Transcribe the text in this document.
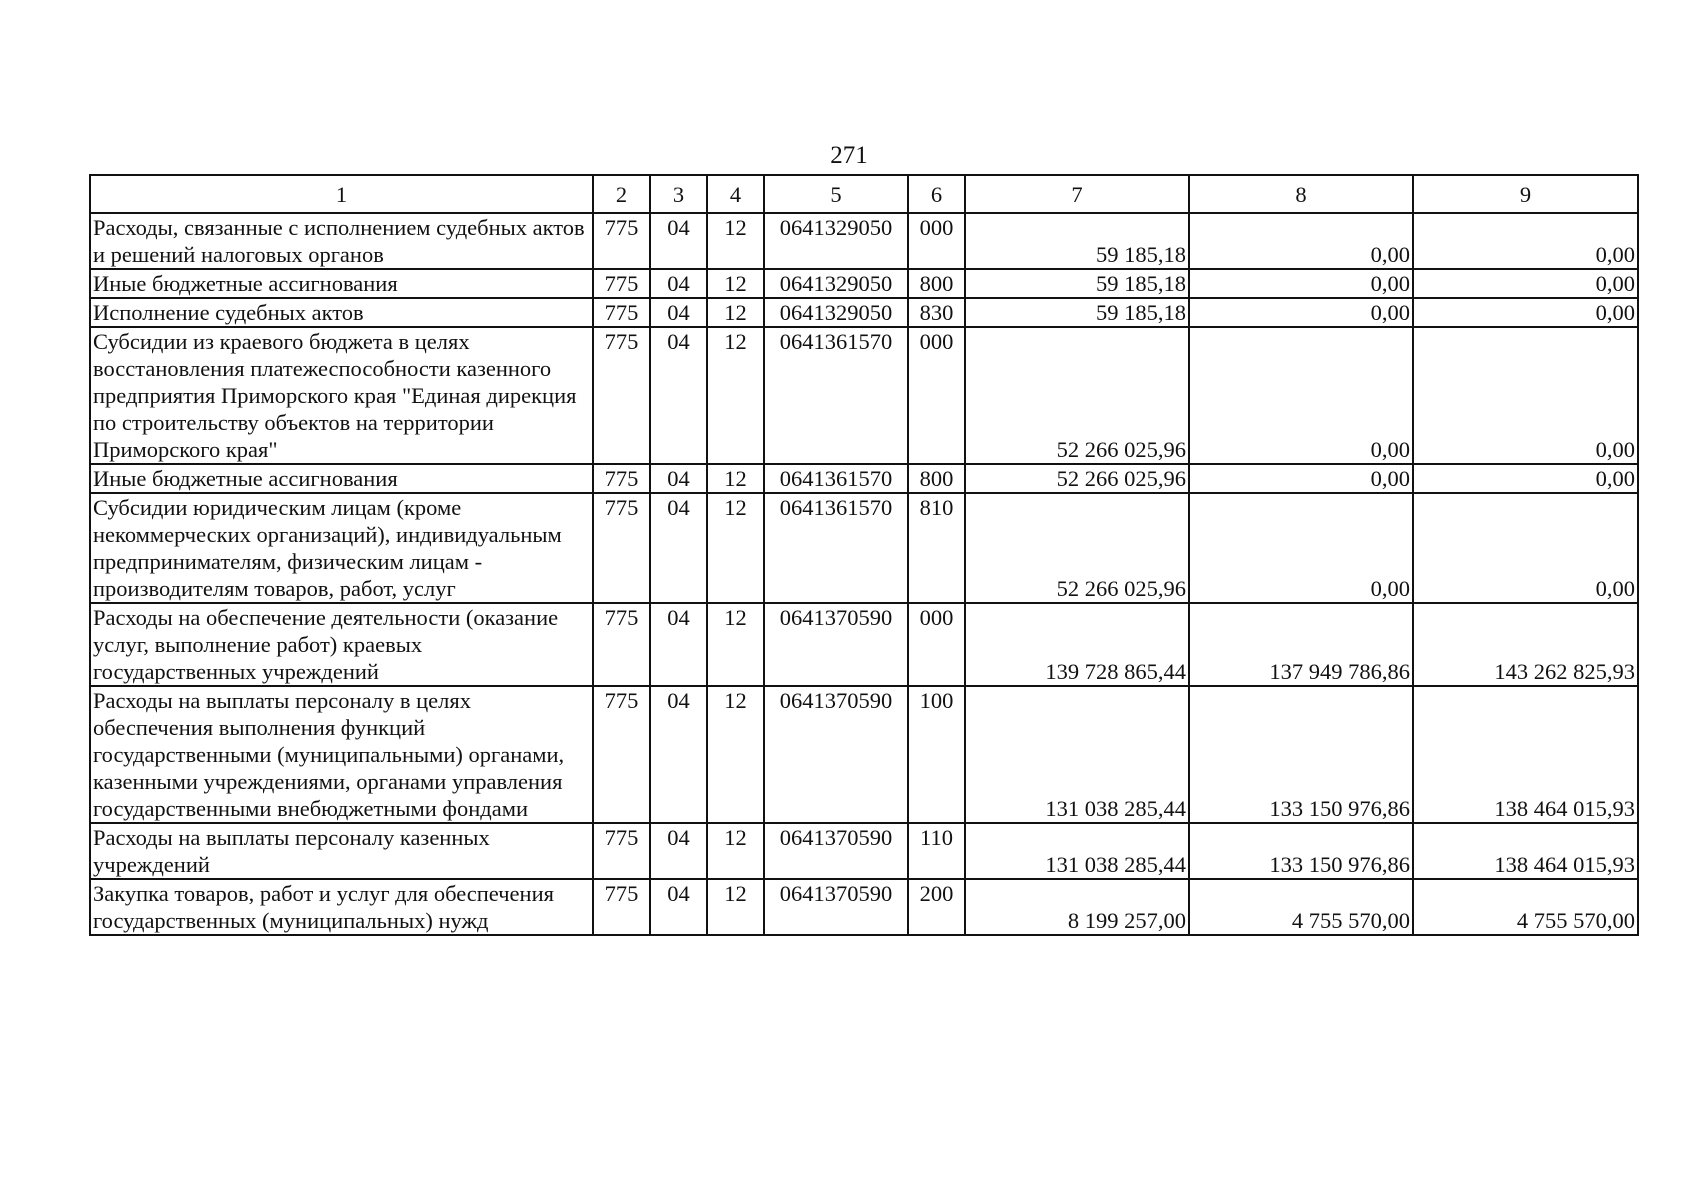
271
1	2	3	4	5	6	7	8	9
Расходы, связанные с исполнением судебных актов и решений налоговых органов	775	04	12	0641329050	000	59 185,18	0,00	0,00
Иные бюджетные ассигнования	775	04	12	0641329050	800	59 185,18	0,00	0,00
Исполнение судебных актов	775	04	12	0641329050	830	59 185,18	0,00	0,00
Субсидии из краевого бюджета в целях восстановления платежеспособности казенного предприятия Приморского края "Единая дирекция по строительству объектов на территории Приморского края"	775	04	12	0641361570	000	52 266 025,96	0,00	0,00
Иные бюджетные ассигнования	775	04	12	0641361570	800	52 266 025,96	0,00	0,00
Субсидии юридическим лицам (кроме некоммерческих организаций), индивидуальным предпринимателям, физическим лицам - производителям товаров, работ, услуг	775	04	12	0641361570	810	52 266 025,96	0,00	0,00
Расходы на обеспечение деятельности (оказание услуг, выполнение работ) краевых государственных учреждений	775	04	12	0641370590	000	139 728 865,44	137 949 786,86	143 262 825,93
Расходы на выплаты персоналу в целях обеспечения выполнения функций государственными (муниципальными) органами, казенными учреждениями, органами управления государственными внебюджетными фондами	775	04	12	0641370590	100	131 038 285,44	133 150 976,86	138 464 015,93
Расходы на выплаты персоналу казенных учреждений	775	04	12	0641370590	110	131 038 285,44	133 150 976,86	138 464 015,93
Закупка товаров, работ и услуг для обеспечения государственных (муниципальных) нужд	775	04	12	0641370590	200	8 199 257,00	4 755 570,00	4 755 570,00
